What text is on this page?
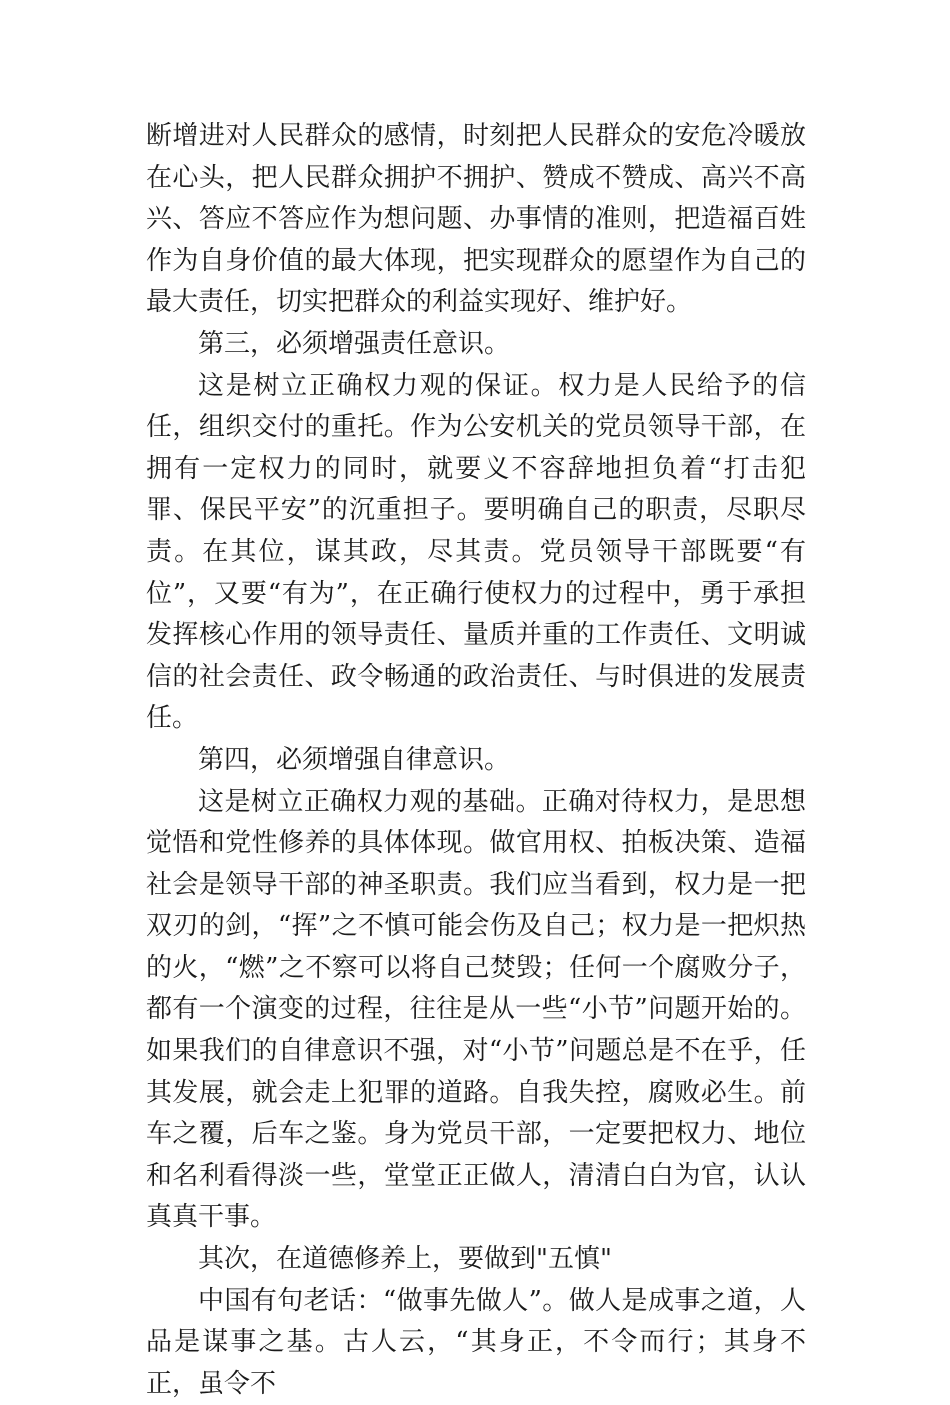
断增进对人民群众的感情，时刻把人民群众的安危冷暖放在心头，把人民群众拥护不拥护、赞成不赞成、高兴不高兴、答应不答应作为想问题、办事情的准则，把造福百姓作为自身价值的最大体现，把实现群众的愿望作为自己的最大责任，切实把群众的利益实现好、维护好。

第三，必须增强责任意识。

这是树立正确权力观的保证。权力是人民给予的信任，组织交付的重托。作为公安机关的党员领导干部，在拥有一定权力的同时，就要义不容辞地担负着“打击犯罪、保民平安”的沉重担子。要明确自己的职责，尽职尽责。在其位，谋其政，尽其责。党员领导干部既要“有位”，又要“有为”，在正确行使权力的过程中，勇于承担发挥核心作用的领导责任、量质并重的工作责任、文明诚信的社会责任、政令畅通的政治责任、与时俱进的发展责任。

第四，必须增强自律意识。

这是树立正确权力观的基础。正确对待权力，是思想觉悟和党性修养的具体体现。做官用权、拍板决策、造福社会是领导干部的神圣职责。我们应当看到，权力是一把双刃的剑，“挥”之不慎可能会伤及自己；权力是一把炽热的火，“燃”之不察可以将自己焚毁；任何一个腐败分子，都有一个演变的过程，往往是从一些“小节”问题开始的。如果我们的自律意识不强，对“小节”问题总是不在乎，任其发展，就会走上犯罪的道路。自我失控，腐败必生。前车之覆，后车之鉴。身为党员干部，一定要把权力、地位和名利看得淡一些，堂堂正正做人，清清白白为官，认认真真干事。

其次，在道德修养上，要做到"五慎"

中国有句老话：“做事先做人”。做人是成事之道，人品是谋事之基。古人云，“其身正，不令而行；其身不正，虽令不
